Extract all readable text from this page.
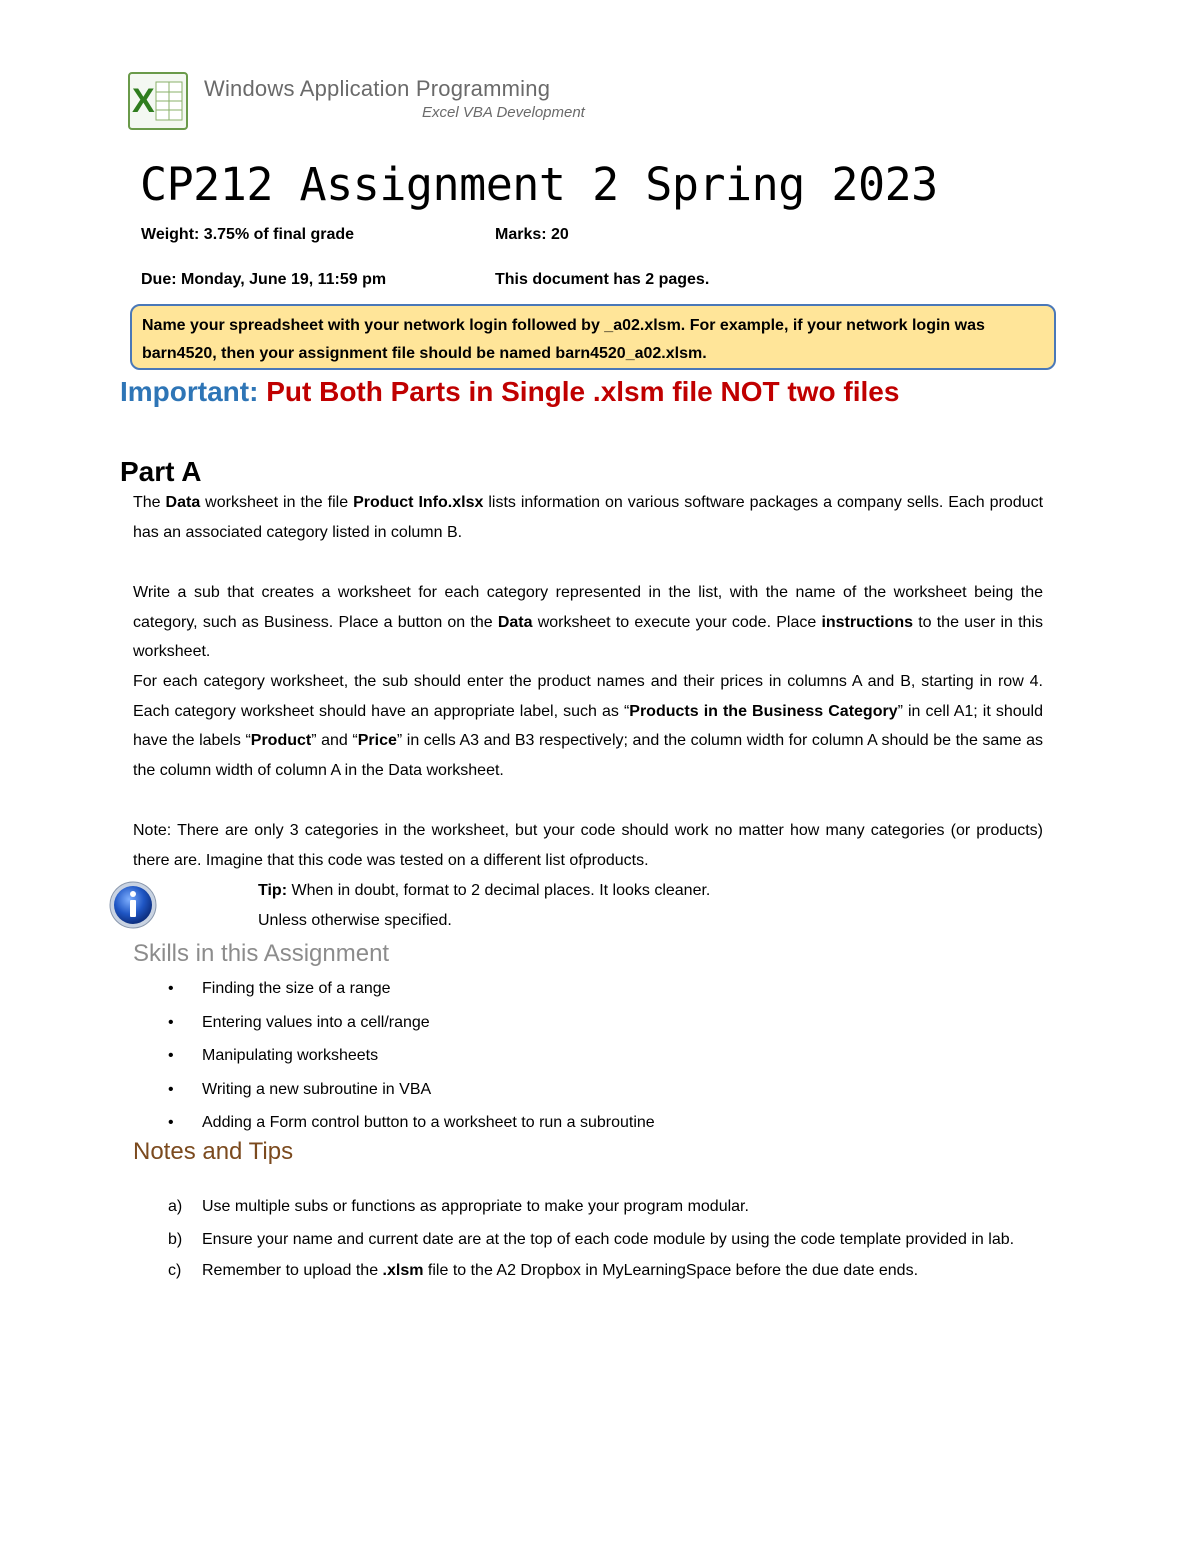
X Windows Application Programming
Excel VBA Development
CP212 Assignment 2 Spring 2023
Weight: 3.75% of final grade	Marks: 20
Due: Monday, June 19, 11:59 pm	This document has 2 pages.
Name your spreadsheet with your network login followed by _a02.xlsm. For example, if your network login was barn4520, then your assignment file should be named barn4520_a02.xlsm.
Important: Put Both Parts in Single .xlsm file NOT two files
Part A
The Data worksheet in the file Product Info.xlsx lists information on various software packages a company sells. Each product has an associated category listed in column B.
Write a sub that creates a worksheet for each category represented in the list, with the name of the worksheet being the category, such as Business. Place a button on the Data worksheet to execute your code. Place instructions to the user in this worksheet.
For each category worksheet, the sub should enter the product names and their prices in columns A and B, starting in row 4. Each category worksheet should have an appropriate label, such as “Products in the Business Category” in cell A1; it should have the labels “Product” and “Price” in cells A3 and B3 respectively; and the column width for column A should be the same as the column width of column A in the Data worksheet.
Note: There are only 3 categories in the worksheet, but your code should work no matter how many categories (or products) there are. Imagine that this code was tested on a different list ofproducts.
Tip: When in doubt, format to 2 decimal places. It looks cleaner.
Unless otherwise specified.
Skills in this Assignment
• Finding the size of a range
• Entering values into a cell/range
• Manipulating worksheets
• Writing a new subroutine in VBA
• Adding a Form control button to a worksheet to run a subroutine
Notes and Tips
a) Use multiple subs or functions as appropriate to make your program modular.
b) Ensure your name and current date are at the top of each code module by using the code template provided in lab.
c) Remember to upload the .xlsm file to the A2 Dropbox in MyLearningSpace before the due date ends.
